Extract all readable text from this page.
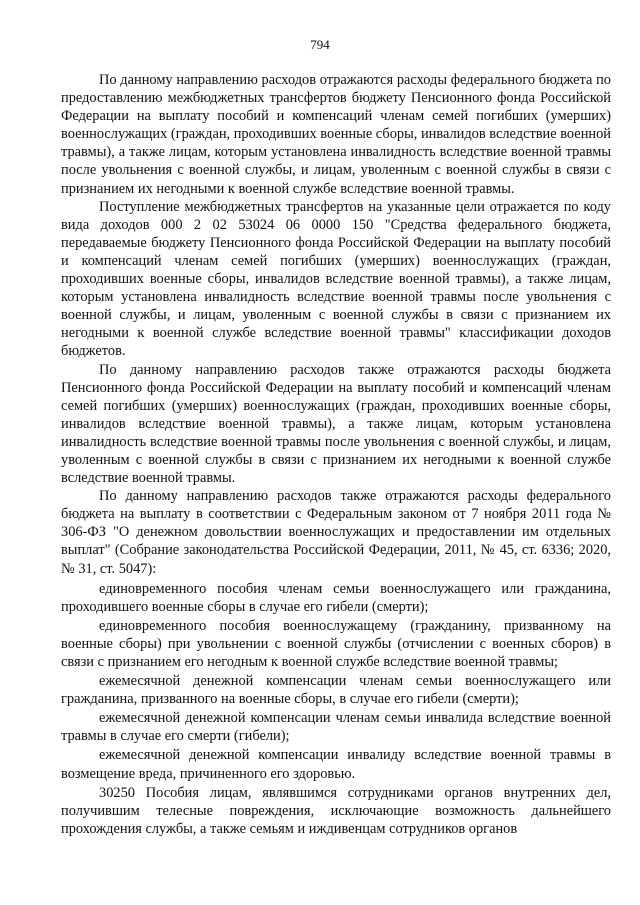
794

По данному направлению расходов отражаются расходы федерального бюджета по предоставлению межбюджетных трансфертов бюджету Пенсионного фонда Российской Федерации на выплату пособий и компенсаций членам семей погибших (умерших) военнослужащих (граждан, проходивших военные сборы, инвалидов вследствие военной травмы), а также лицам, которым установлена инвалидность вследствие военной травмы после увольнения с военной службы, и лицам, уволенным с военной службы в связи с признанием их негодными к военной службе вследствие военной травмы.

Поступление межбюджетных трансфертов на указанные цели отражается по коду вида доходов 000 2 02 53024 06 0000 150 "Средства федерального бюджета, передаваемые бюджету Пенсионного фонда Российской Федерации на выплату пособий и компенсаций членам семей погибших (умерших) военнослужащих (граждан, проходивших военные сборы, инвалидов вследствие военной травмы), а также лицам, которым установлена инвалидность вследствие военной травмы после увольнения с военной службы, и лицам, уволенным с военной службы в связи с признанием их негодными к военной службе вследствие военной травмы" классификации доходов бюджетов.

По данному направлению расходов также отражаются расходы бюджета Пенсионного фонда Российской Федерации на выплату пособий и компенсаций членам семей погибших (умерших) военнослужащих (граждан, проходивших военные сборы, инвалидов вследствие военной травмы), а также лицам, которым установлена инвалидность вследствие военной травмы после увольнения с военной службы, и лицам, уволенным с военной службы в связи с признанием их негодными к военной службе вследствие военной травмы.

По данному направлению расходов также отражаются расходы федерального бюджета на выплату в соответствии с Федеральным законом от 7 ноября 2011 года № 306-ФЗ "О денежном довольствии военнослужащих и предоставлении им отдельных выплат" (Собрание законодательства Российской Федерации, 2011, № 45, ст. 6336; 2020, № 31, ст. 5047):

единовременного пособия членам семьи военнослужащего или гражданина, проходившего военные сборы в случае его гибели (смерти);

единовременного пособия военнослужащему (гражданину, призванному на военные сборы) при увольнении с военной службы (отчислении с военных сборов) в связи с признанием его негодным к военной службе вследствие военной травмы;

ежемесячной денежной компенсации членам семьи военнослужащего или гражданина, призванного на военные сборы, в случае его гибели (смерти);

ежемесячной денежной компенсации членам семьи инвалида вследствие военной травмы в случае его смерти (гибели);

ежемесячной денежной компенсации инвалиду вследствие военной травмы в возмещение вреда, причиненного его здоровью.

30250 Пособия лицам, являвшимся сотрудниками органов внутренних дел, получившим телесные повреждения, исключающие возможность дальнейшего прохождения службы, а также семьям и иждивенцам сотрудников органов
